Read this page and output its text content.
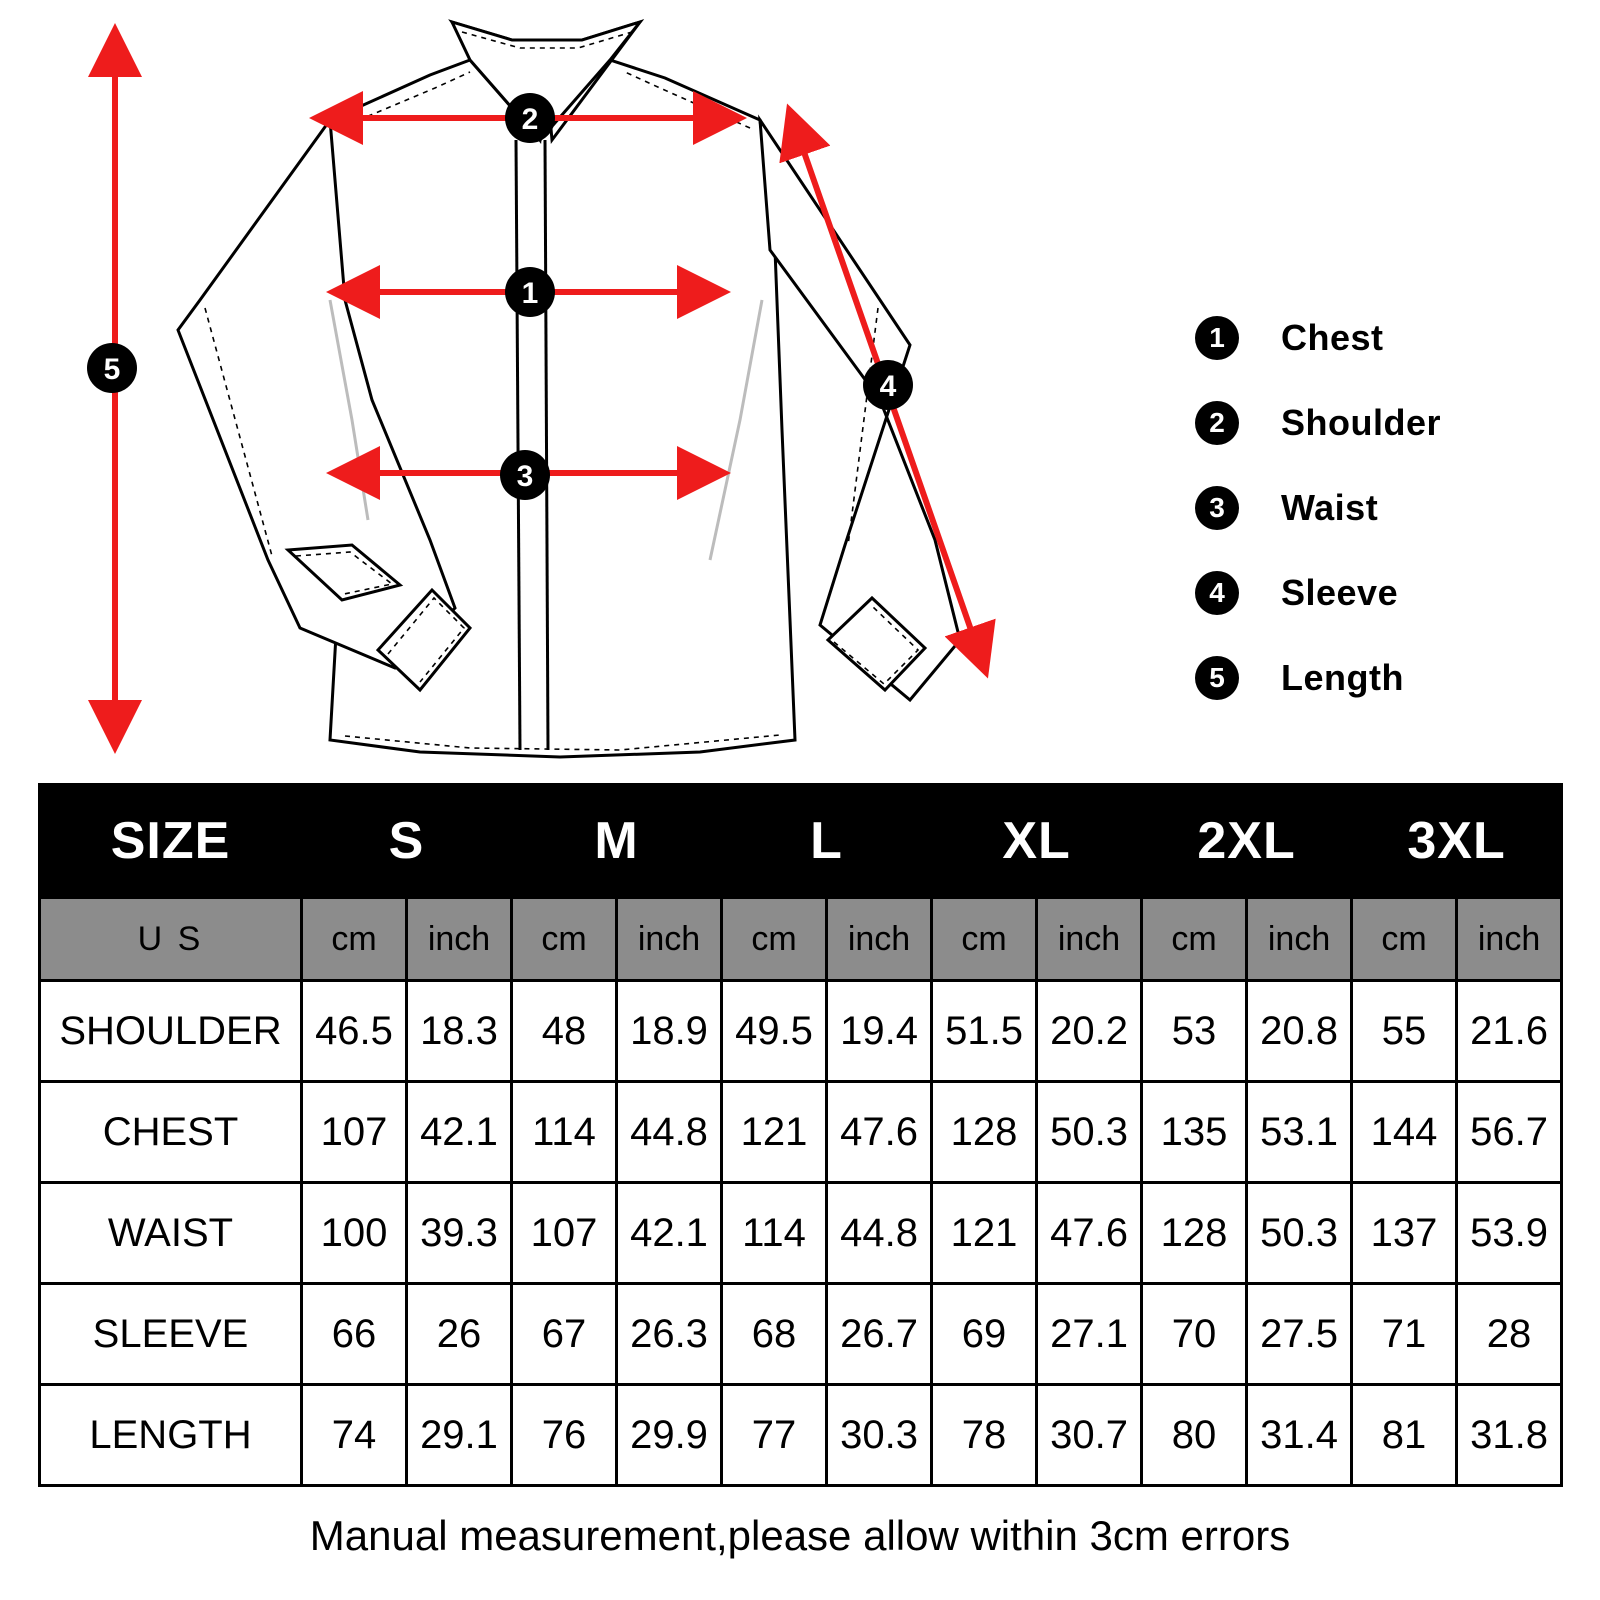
2
1
3
4
5
1	Chest
2	Shoulder
3	Waist
4	Sleeve
5	Length
SIZE	S		M		L		XL		2XL		3XL	
U S	cm	inch	cm	inch	cm	inch	cm	inch	cm	inch	cm	inch
SHOULDER	46.5	18.3	48	18.9	49.5	19.4	51.5	20.2	53	20.8	55	21.6
CHEST	107	42.1	114	44.8	121	47.6	128	50.3	135	53.1	144	56.7
WAIST	100	39.3	107	42.1	114	44.8	121	47.6	128	50.3	137	53.9
SLEEVE	66	26	67	26.3	68	26.7	69	27.1	70	27.5	71	28
LENGTH	74	29.1	76	29.9	77	30.3	78	30.7	80	31.4	81	31.8
Manual measurement,please allow within 3cm errors
